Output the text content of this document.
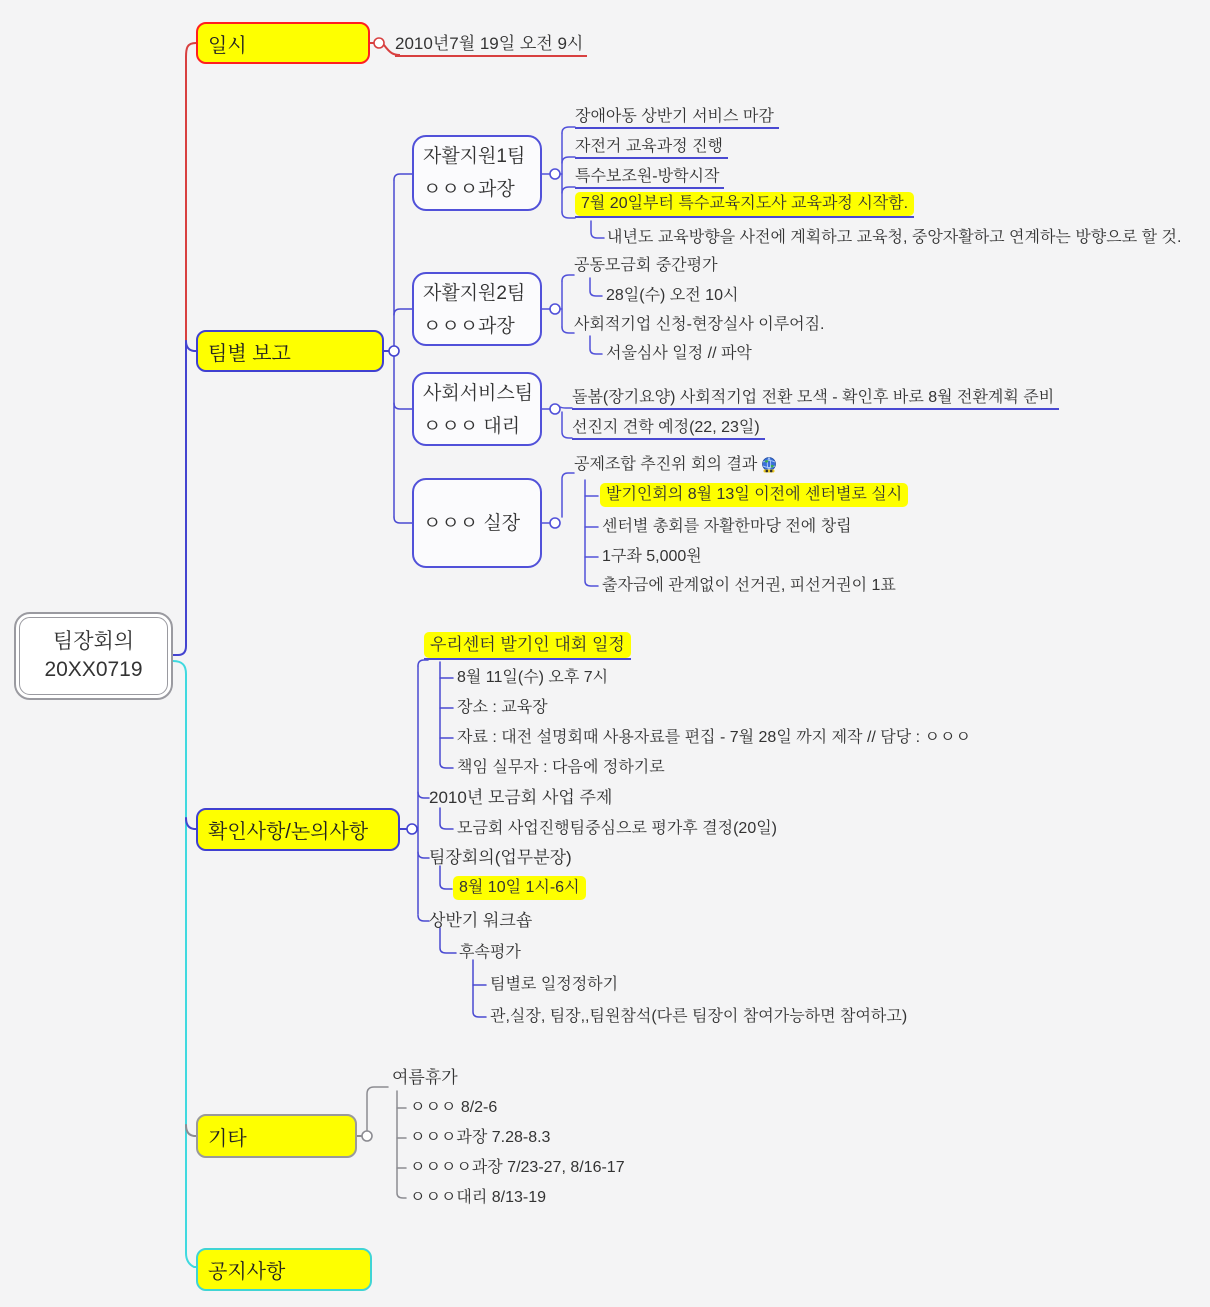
팀장회의
20XX0719
일시
팀별 보고
확인사항/논의사항
기타
공지사항
2010년7월 19일 오전 9시
자활지원1팀
ㅇㅇㅇ과장
자활지원2팀
ㅇㅇㅇ과장
사회서비스팀
ㅇㅇㅇ 대리
ㅇㅇㅇ 실장
장애아동 상반기 서비스 마감
자전거 교육과정 진행
특수보조원-방학시작
7월 20일부터 특수교육지도사 교육과정 시작함.
내년도 교육방향을 사전에 계획하고 교육청, 중앙자활하고 연계하는 방향으로 할 것.
공동모금회 중간평가
28일(수) 오전 10시
사회적기업 신청-현장실사 이루어짐.
서울심사 일정 // 파악
돌봄(장기요양) 사회적기업 전환 모색 - 확인후 바로 8월 전환계획 준비
선진지 견학 예정(22, 23일)
공제조합 추진위 회의 결과
발기인회의 8월 13일 이전에 센터별로 실시
센터별 총회를 자활한마당 전에 창립
1구좌 5,000원
출자금에 관계없이 선거권, 피선거권이 1표
우리센터 발기인 대회 일정
8월 11일(수) 오후 7시
장소 : 교육장
자료 : 대전 설명회때 사용자료를 편집 - 7월 28일 까지 제작 // 담당 : ㅇㅇㅇ
책임 실무자 : 다음에 정하기로
2010년 모금회 사업 주제
모금회 사업진행팀중심으로 평가후 결정(20일)
팀장회의(업무분장)
8월 10일 1시-6시
상반기 워크숍
후속평가
팀별로 일정정하기
관,실장, 팀장,,팀원참석(다른 팀장이 참여가능하면 참여하고)
여름휴가
ㅇㅇㅇ 8/2-6
ㅇㅇㅇ과장 7.28-8.3
ㅇㅇㅇㅇ과장 7/23-27, 8/16-17
ㅇㅇㅇ대리 8/13-19
